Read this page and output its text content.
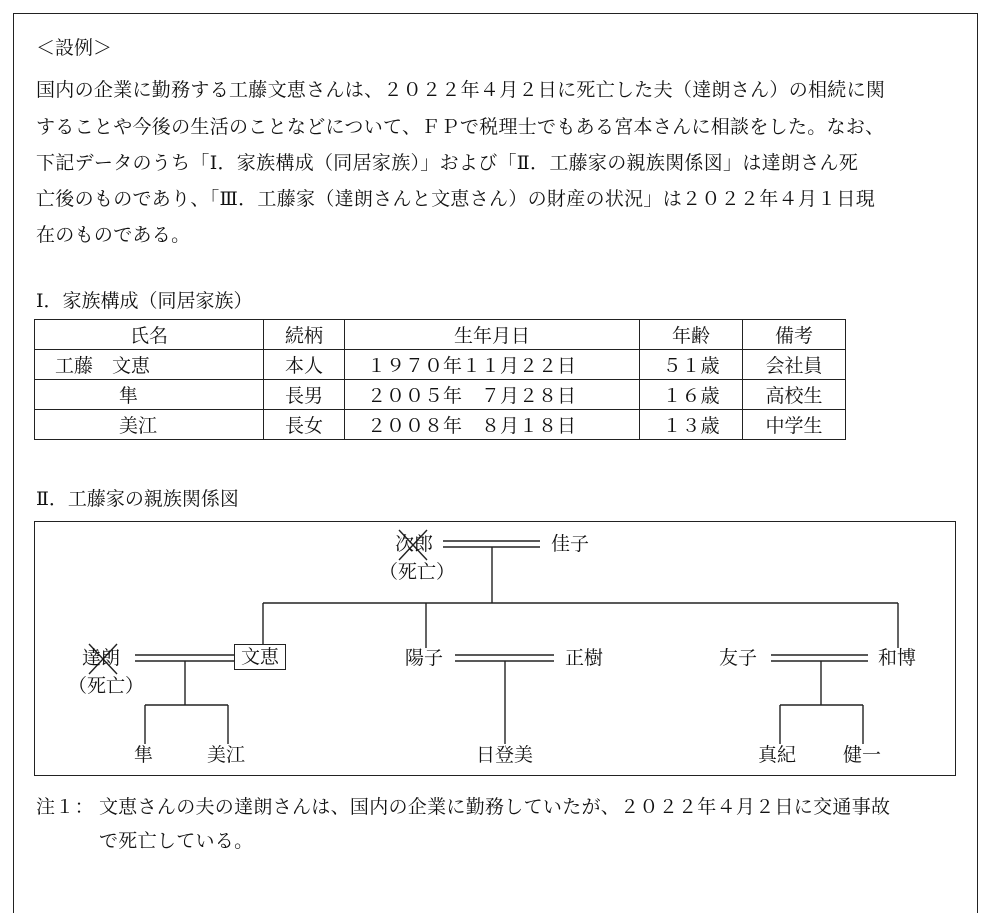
＜設例＞
国内の企業に勤務する工藤文恵さんは、２０２２年４月２日に死亡した夫（達朗さん）の相続に関
することや今後の生活のことなどについて、ＦＰで税理士でもある宮本さんに相談をした。なお、
下記データのうち「Ⅰ．家族構成（同居家族）」および「Ⅱ．工藤家の親族関係図」は達朗さん死
亡後のものであり、「Ⅲ．工藤家（達朗さんと文恵さん）の財産の状況」は２０２２年４月１日現
在のものである。
Ⅰ．家族構成（同居家族）
氏名	続柄	生年月日	年齢	備考
工藤　文恵	本人	１９７０年１１月２２日	５１歳	会社員
隼	長男	２００５年　７月２８日	１６歳	高校生
美江	長女	２００８年　８月１８日	１３歳	中学生
Ⅱ．工藤家の親族関係図
次郎
（死亡）
佳子
達朗
（死亡）
文恵	陽子	正樹	友子	和博
隼	美江	日登美	真紀 健一
注１： 文恵さんの夫の達朗さんは、国内の企業に勤務していたが、２０２２年４月２日に交通事故
で死亡している。
